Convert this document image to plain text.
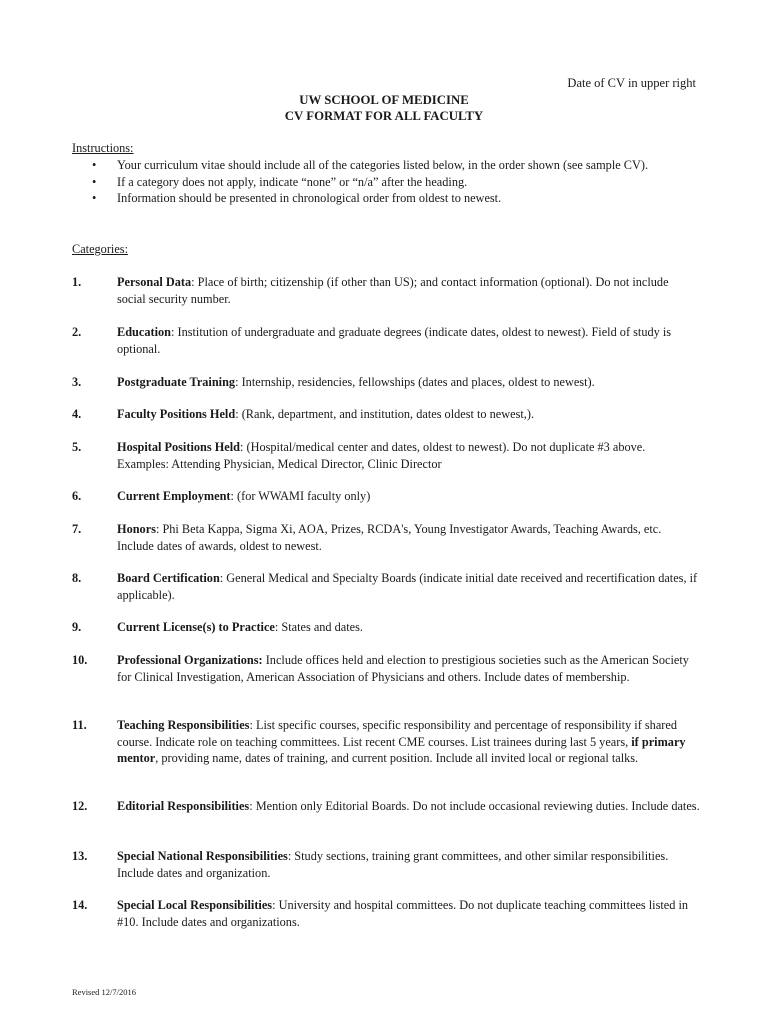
Date of CV in upper right
UW SCHOOL OF MEDICINE
CV FORMAT FOR ALL FACULTY
Instructions:
• Your curriculum vitae should include all of the categories listed below, in the order shown (see sample CV).
• If a category does not apply, indicate “none” or “n/a” after the heading.
• Information should be presented in chronological order from oldest to newest.
Categories:
1.	Personal Data: Place of birth; citizenship (if other than US); and contact information (optional). Do not include social security number.
2.	Education: Institution of undergraduate and graduate degrees (indicate dates, oldest to newest). Field of study is optional.
3.	Postgraduate Training: Internship, residencies, fellowships (dates and places, oldest to newest).
4.	Faculty Positions Held: (Rank, department, and institution, dates oldest to newest,).
5.	Hospital Positions Held: (Hospital/medical center and dates, oldest to newest). Do not duplicate #3 above. Examples: Attending Physician, Medical Director, Clinic Director
6.	Current Employment: (for WWAMI faculty only)
7.	Honors: Phi Beta Kappa, Sigma Xi, AOA, Prizes, RCDA's, Young Investigator Awards, Teaching Awards, etc. Include dates of awards, oldest to newest.
8.	Board Certification: General Medical and Specialty Boards (indicate initial date received and recertification dates, if applicable).
9.	Current License(s) to Practice: States and dates.
10.	Professional Organizations: Include offices held and election to prestigious societies such as the American Society for Clinical Investigation, American Association of Physicians and others. Include dates of membership.
11.	Teaching Responsibilities: List specific courses, specific responsibility and percentage of responsibility if shared course. Indicate role on teaching committees. List recent CME courses. List trainees during last 5 years, if primary mentor, providing name, dates of training, and current position. Include all invited local or regional talks.
12.	Editorial Responsibilities: Mention only Editorial Boards. Do not include occasional reviewing duties. Include dates.
13.	Special National Responsibilities: Study sections, training grant committees, and other similar responsibilities. Include dates and organization.
14.	Special Local Responsibilities: University and hospital committees. Do not duplicate teaching committees listed in #10. Include dates and organizations.
Revised 12/7/2016
